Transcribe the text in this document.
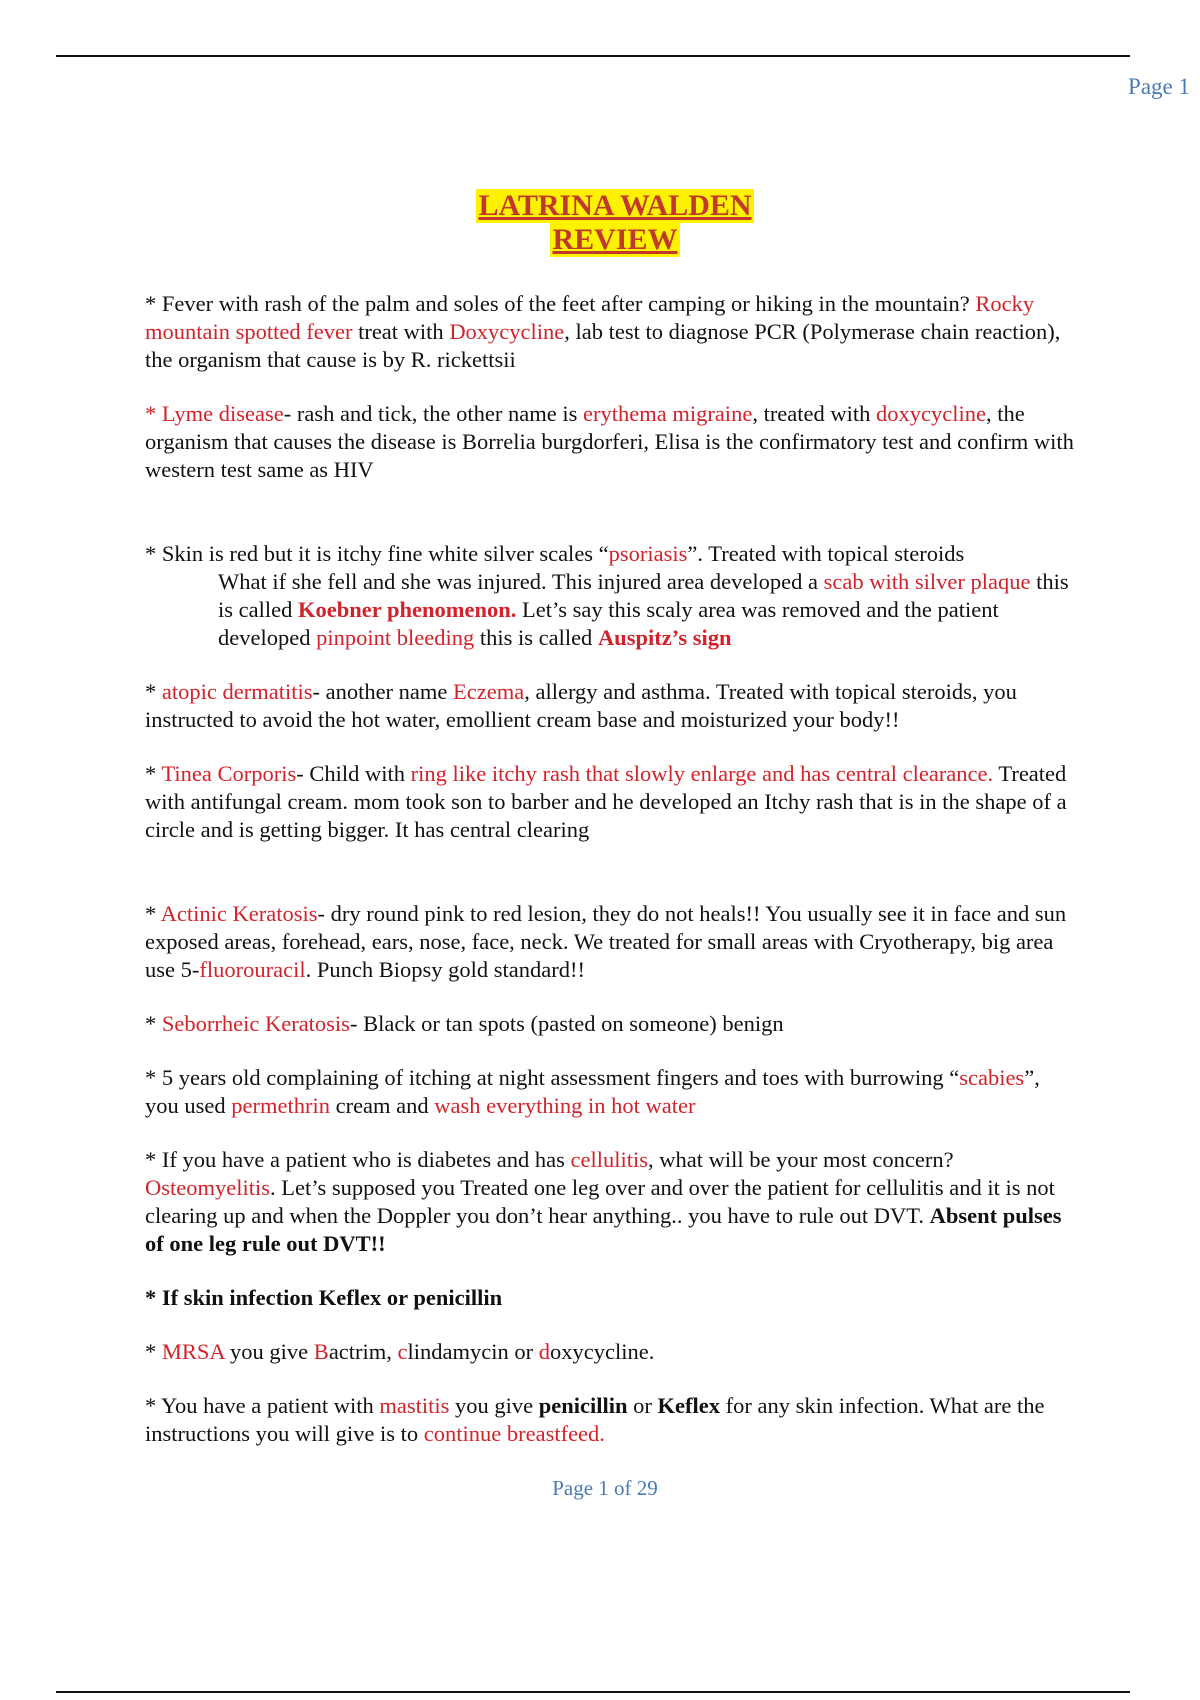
Page 1
LATRINA WALDEN
REVIEW

* Fever with rash of the palm and soles of the feet after camping or hiking in the mountain? Rocky mountain spotted fever treat with Doxycycline, lab test to diagnose PCR (Polymerase chain reaction), the organism that cause is by R. rickettsii

* Lyme disease- rash and tick, the other name is erythema migraine, treated with doxycycline, the organism that causes the disease is Borrelia burgdorferi, Elisa is the confirmatory test and confirm with western test same as HIV

* Skin is red but it is itchy fine white silver scales “psoriasis”. Treated with topical steroids
What if she fell and she was injured. This injured area developed a scab with silver plaque this is called Koebner phenomenon. Let’s say this scaly area was removed and the patient developed pinpoint bleeding this is called Auspitz’s sign

* atopic dermatitis- another name Eczema, allergy and asthma. Treated with topical steroids, you instructed to avoid the hot water, emollient cream base and moisturized your body!!

* Tinea Corporis- Child with ring like itchy rash that slowly enlarge and has central clearance. Treated with antifungal cream. mom took son to barber and he developed an Itchy rash that is in the shape of a circle and is getting bigger. It has central clearing

* Actinic Keratosis- dry round pink to red lesion, they do not heals!! You usually see it in face and sun exposed areas, forehead, ears, nose, face, neck. We treated for small areas with Cryotherapy, big area use 5-fluorouracil. Punch Biopsy gold standard!!

* Seborrheic Keratosis- Black or tan spots (pasted on someone) benign

* 5 years old complaining of itching at night assessment fingers and toes with burrowing “scabies”, you used permethrin cream and wash everything in hot water

* If you have a patient who is diabetes and has cellulitis, what will be your most concern? Osteomyelitis. Let’s supposed you Treated one leg over and over the patient for cellulitis and it is not clearing up and when the Doppler you don’t hear anything.. you have to rule out DVT. Absent pulses of one leg rule out DVT!!

* If skin infection Keflex or penicillin

* MRSA you give Bactrim, clindamycin or doxycycline.

* You have a patient with mastitis you give penicillin or Keflex for any skin infection. What are the instructions you will give is to continue breastfeed.

Page 1 of 29
